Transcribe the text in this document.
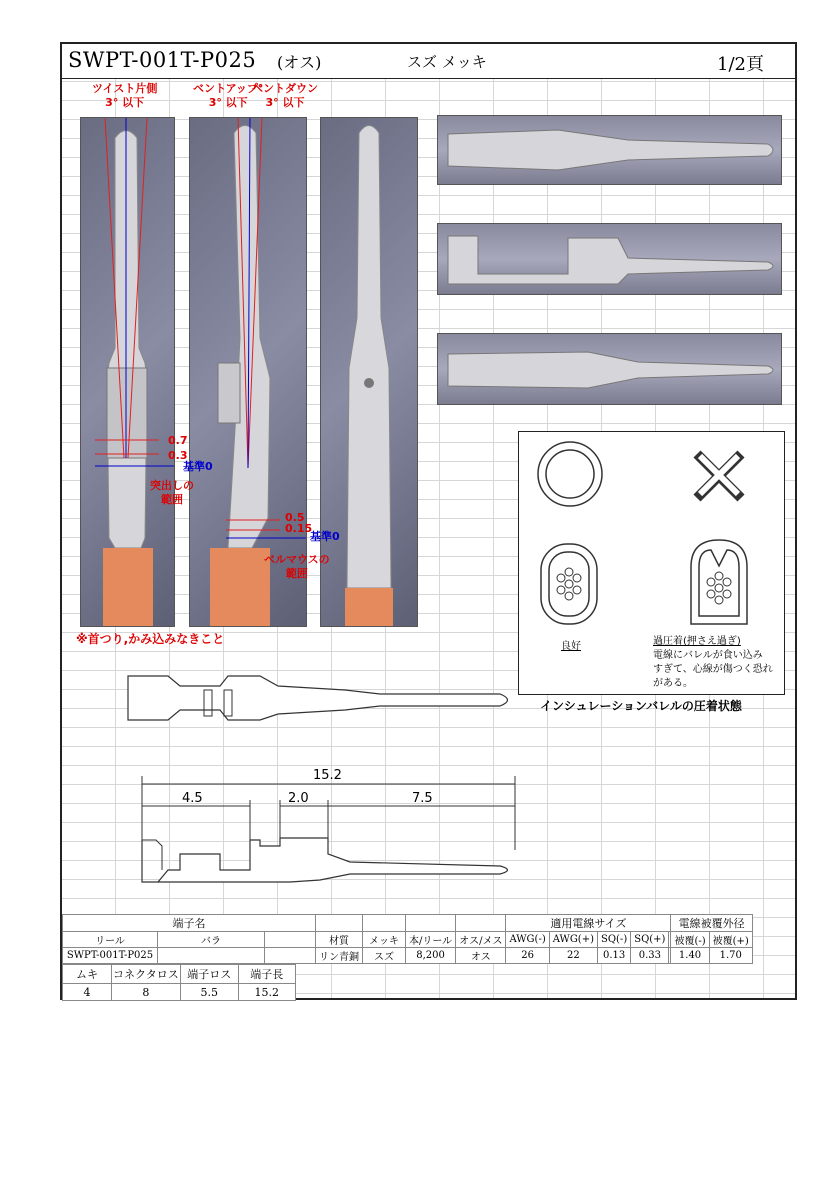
SWPT-001T-P025 (オス)	スズ メッキ	1/2頁
ツイスト片側
3° 以下
ベントアップ°
3° 以下
ベントダウン
3° 以下
0.7
0.3
基準0
突出しの
範囲
0.5
0.15
基準0
ベルマウスの
範囲
※首つり,かみ込みなきこと
良好	過圧着(押さえ過ぎ)
電線にバレルが食い込み
すぎて、心線が傷つく恐れ
がある。
インシュレーションバレルの圧着状態
15.2
4.5	2.0	7.5
端子名							適用電線サイズ					電線被覆外径	
リール	バラ		材質	メッキ	本/リール	オス/メス	AWG(-)	AWG(+)	SQ(-)	SQ(+)		被覆(-)	被覆(+)
SWPT-001T-P025			リン青銅	スズ	8,200	オス	26	22	0.13	0.33		1.40	1.70
ムキ	コネクタロス	端子ロス	端子長
4	8	5.5	15.2
